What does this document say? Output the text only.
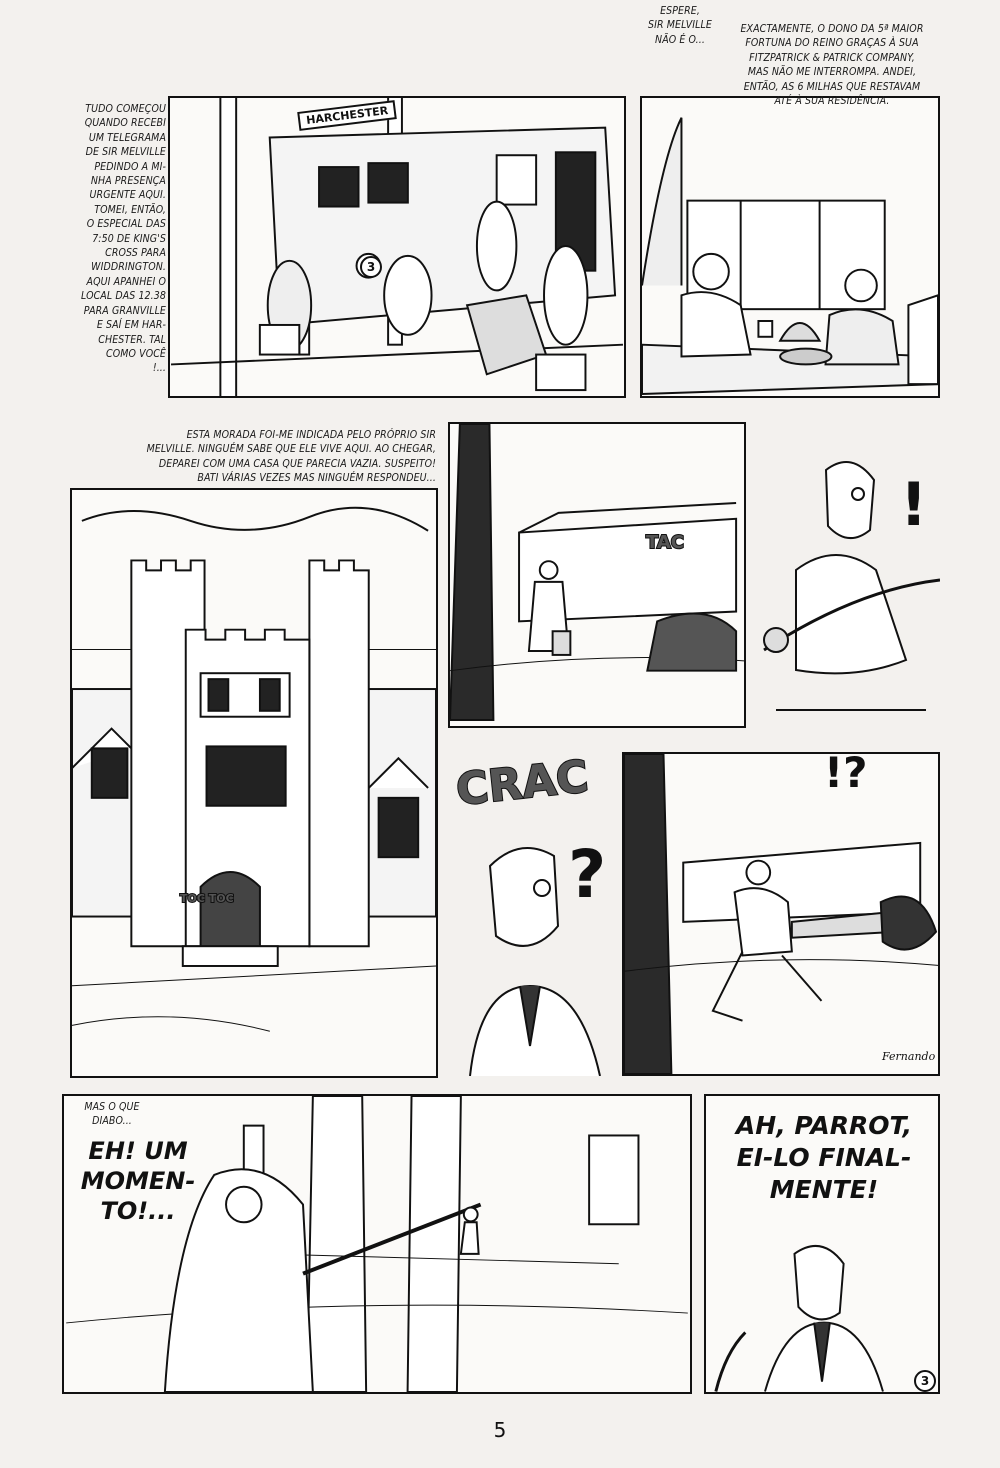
TUDO COMEÇOU
QUANDO RECEBI
UM TELEGRAMA
DE SIR MELVILLE
PEDINDO A MI-
NHA PRESENÇA
URGENTE AQUI.
TOMEI, ENTÃO,
O ESPECIAL DAS
7:50 DE KING'S
CROSS PARA
WIDDRINGTON.
AQUI APANHEI O
LOCAL DAS 12.38
PARA GRANVILLE
E SAÍ EM HAR-
CHESTER. TAL
COMO VOCÊ
!...
HARCHESTER
3
ESPERE,
SIR MELVILLE
NÃO É O...
EXACTAMENTE, O DONO DA 5ª MAIOR
FORTUNA DO REINO GRAÇAS À SUA
FITZPATRICK & PATRICK COMPANY,
MAS NÃO ME INTERROMPA. ANDEI,
ENTÃO, AS 6 MILHAS QUE RESTAVAM
ATÉ À SUA RESIDÊNCIA.
ESTA MORADA FOI-ME INDICADA PELO PRÓPRIO SIR
MELVILLE. NINGUÉM SABE QUE ELE VIVE AQUI. AO CHEGAR,
DEPAREI COM UMA CASA QUE PARECIA VAZIA. SUSPEITO!
BATI VÁRIAS VEZES MAS NINGUÉM RESPONDEU...
TOC TOC
TAC
!
CRAC
?
!?
Fernando
MAS O QUE
DIABO...
EH! UM
MOMEN-
TO!...
AH, PARROT,
EI-LO FINAL-
MENTE!
3
5
